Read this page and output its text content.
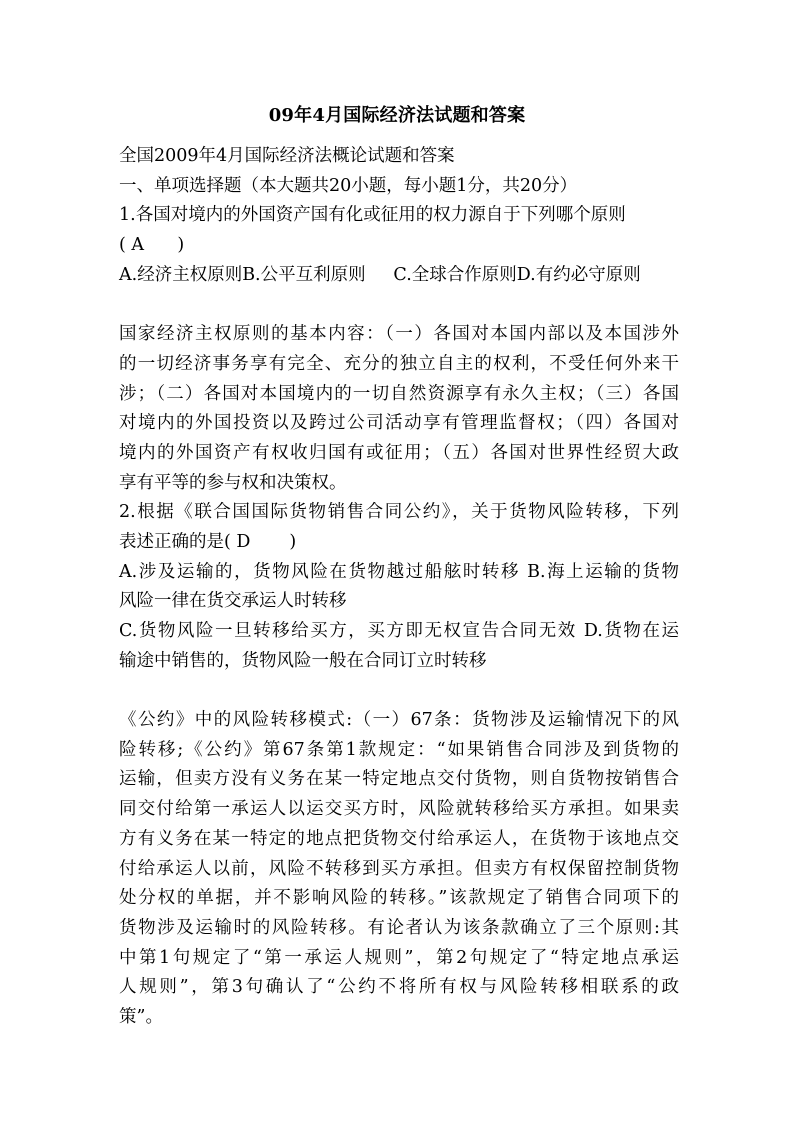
09年4月国际经济法试题和答案
全国2009年4月国际经济法概论试题和答案
一、单项选择题（本大题共20小题，每小题1分，共20分）
1.各国对境内的外国资产国有化或征用的权力源自于下列哪个原则
( A      )
A.经济主权原则B.公平互利原则     C.全球合作原则D.有约必守原则
国家经济主权原则的基本内容：（一）各国对本国内部以及本国涉外
的一切经济事务享有完全、充分的独立自主的权利，不受任何外来干
涉；（二）各国对本国境内的一切自然资源享有永久主权；（三）各国
对境内的外国投资以及跨过公司活动享有管理监督权；（四）各国对
境内的外国资产有权收归国有或征用；（五）各国对世界性经贸大政
享有平等的参与权和决策权。
2.根据《联合国国际货物销售合同公约》，关于货物风险转移，下列
表述正确的是( D       )
A.涉及运输的，货物风险在货物越过船舷时转移 B.海上运输的货物
风险一律在货交承运人时转移
C.货物风险一旦转移给买方，买方即无权宣告合同无效 D.货物在运
输途中销售的，货物风险一般在合同订立时转移
《公约》中的风险转移模式:（一）67条：货物涉及运输情况下的风
险转移;《公约》第67条第1款规定：“如果销售合同涉及到货物的
运输，但卖方没有义务在某一特定地点交付货物，则自货物按销售合
同交付给第一承运人以运交买方时，风险就转移给买方承担。如果卖
方有义务在某一特定的地点把货物交付给承运人，在货物于该地点交
付给承运人以前，风险不转移到买方承担。但卖方有权保留控制货物
处分权的单据，并不影响风险的转移。”该款规定了销售合同项下的
货物涉及运输时的风险转移。有论者认为该条款确立了三个原则:其
中第1句规定了“第一承运人规则”，第2句规定了“特定地点承运
人规则”，第3句确认了“公约不将所有权与风险转移相联系的政
策”。
